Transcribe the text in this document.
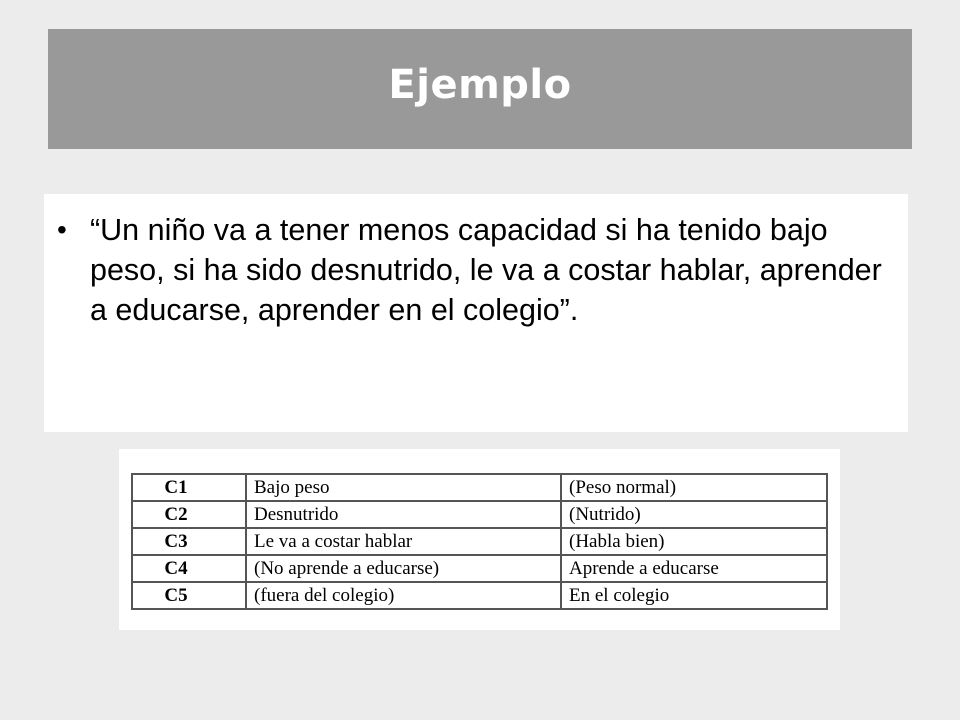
Ejemplo
• “Un niño va a tener menos capacidad si ha tenido bajo peso, si ha sido desnutrido, le va a costar hablar, aprender a educarse, aprender en el colegio”.
C1	Bajo peso	(Peso normal)
C2	Desnutrido	(Nutrido)
C3	Le va a costar hablar	(Habla bien)
C4	(No aprende a educarse)	Aprende a educarse
C5	(fuera del colegio)	En el colegio
